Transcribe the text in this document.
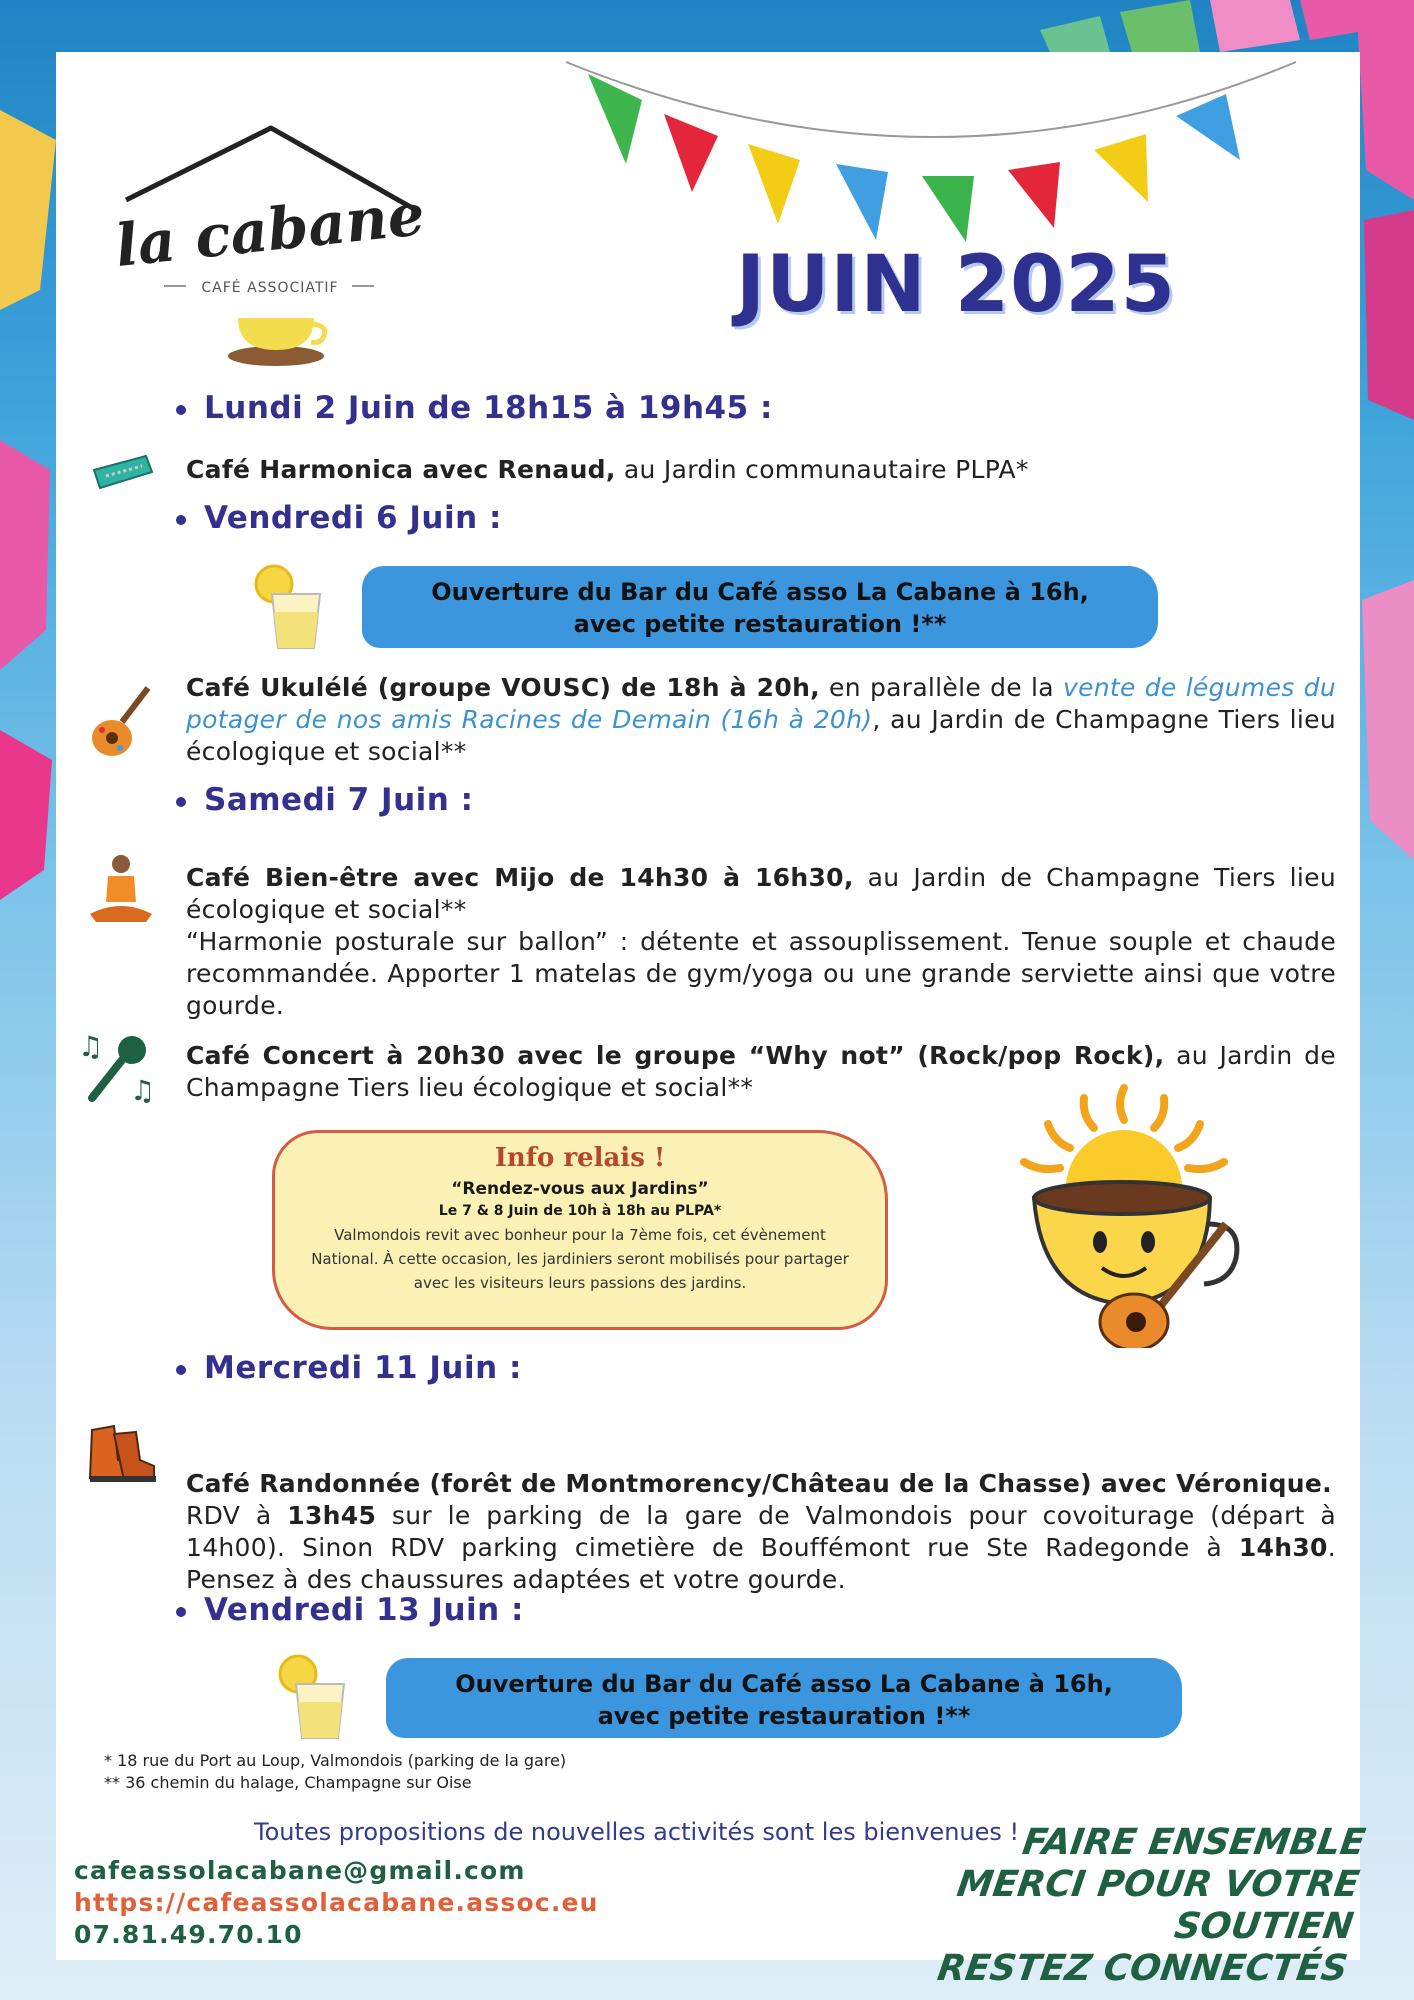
la cabane
CAFÉ ASSOCIATIF	JUIN 2025
Lundi 2 Juin de 18h15 à 19h45 :
Café Harmonica avec Renaud, au Jardin communautaire PLPA*
Vendredi 6 Juin :
Ouverture du Bar du Café asso La Cabane à 16h,
avec petite restauration !**
Café Ukulélé (groupe VOUSC) de 18h à 20h, en parallèle de la vente de légumes du potager de nos amis Racines de Demain (16h à 20h), au Jardin de Champagne Tiers lieu écologique et social**
Samedi 7 Juin :
Café Bien-être avec Mijo de 14h30 à 16h30, au Jardin de Champagne Tiers lieu écologique et social**
“Harmonie posturale sur ballon” : détente et assouplissement. Tenue souple et chaude recommandée. Apporter 1 matelas de gym/yoga ou une grande serviette ainsi que votre gourde.
♫
♫
Café Concert à 20h30 avec le groupe “Why not” (Rock/pop Rock), au Jardin de Champagne Tiers lieu écologique et social**
Info relais !
“Rendez-vous aux Jardins”
Le 7 & 8 Juin de 10h à 18h au PLPA*
Valmondois revit avec bonheur pour la 7ème fois, cet évènement National. À cette occasion, les jardiniers seront mobilisés pour partager avec les visiteurs leurs passions des jardins.
Mercredi 11 Juin :
Café Randonnée (forêt de Montmorency/Château de la Chasse) avec Véronique.
RDV à 13h45 sur le parking de la gare de Valmondois pour covoiturage (départ à 14h00). Sinon RDV parking cimetière de Bouffémont rue Ste Radegonde à 14h30. Pensez à des chaussures adaptées et votre gourde.
Vendredi 13 Juin :
Ouverture du Bar du Café asso La Cabane à 16h,
avec petite restauration !**
* 18 rue du Port au Loup, Valmondois (parking de la gare)
** 36 chemin du halage, Champagne sur Oise
Toutes propositions de nouvelles activités sont les bienvenues !
cafeassolacabane@gmail.com
https://cafeassolacabane.assoc.eu
07.81.49.70.10
FAIRE ENSEMBLE
MERCI POUR VOTRE SOUTIEN
RESTEZ CONNECTÉS
